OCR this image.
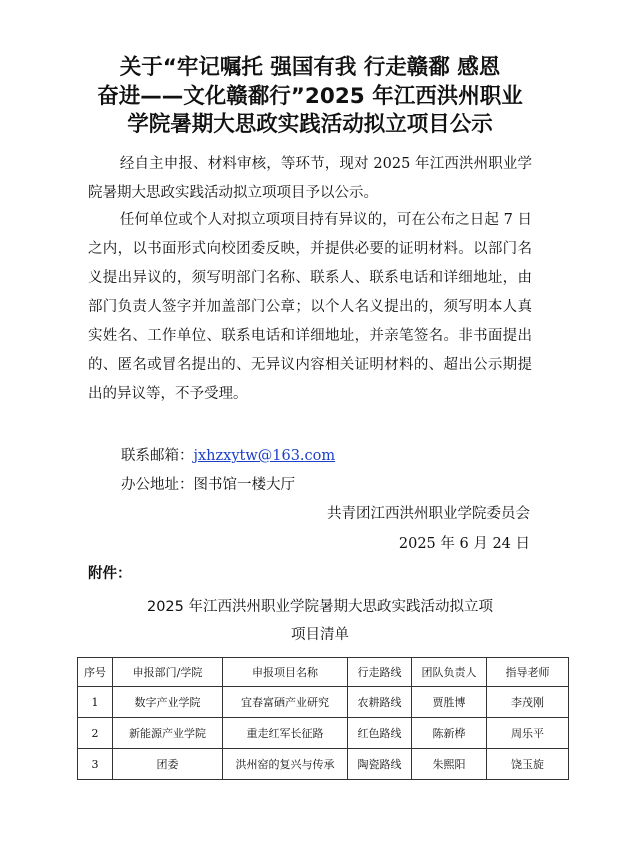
关于“牢记嘱托 强国有我 行走赣鄱 感恩
奋进——文化赣鄱行”2025 年江西洪州职业
学院暑期大思政实践活动拟立项目公示
经自主申报、材料审核，等环节，现对 2025 年江西洪州职业学院暑期大思政实践活动拟立项项目予以公示。
任何单位或个人对拟立项项目持有异议的，可在公布之日起 7 日之内，以书面形式向校团委反映，并提供必要的证明材料。以部门名义提出异议的，须写明部门名称、联系人、联系电话和详细地址，由部门负责人签字并加盖部门公章；以个人名义提出的，须写明本人真实姓名、工作单位、联系电话和详细地址，并亲笔签名。非书面提出的、匿名或冒名提出的、无异议内容相关证明材料的、超出公示期提出的异议等，不予受理。
联系邮箱：jxhzxytw@163.com
办公地址：图书馆一楼大厅
共青团江西洪州职业学院委员会
2025 年 6 月 24 日
附件：
2025 年江西洪州职业学院暑期大思政实践活动拟立项
项目清单
序号	申报部门/学院	申报项目名称	行走路线	团队负责人	指导老师
1	数字产业学院	宜春富硒产业研究	农耕路线	贾胜博	李茂刚
2	新能源产业学院	重走红军长征路	红色路线	陈新桦	周乐平
3	团委	洪州窑的复兴与传承	陶瓷路线	朱熙阳	饶玉旋
